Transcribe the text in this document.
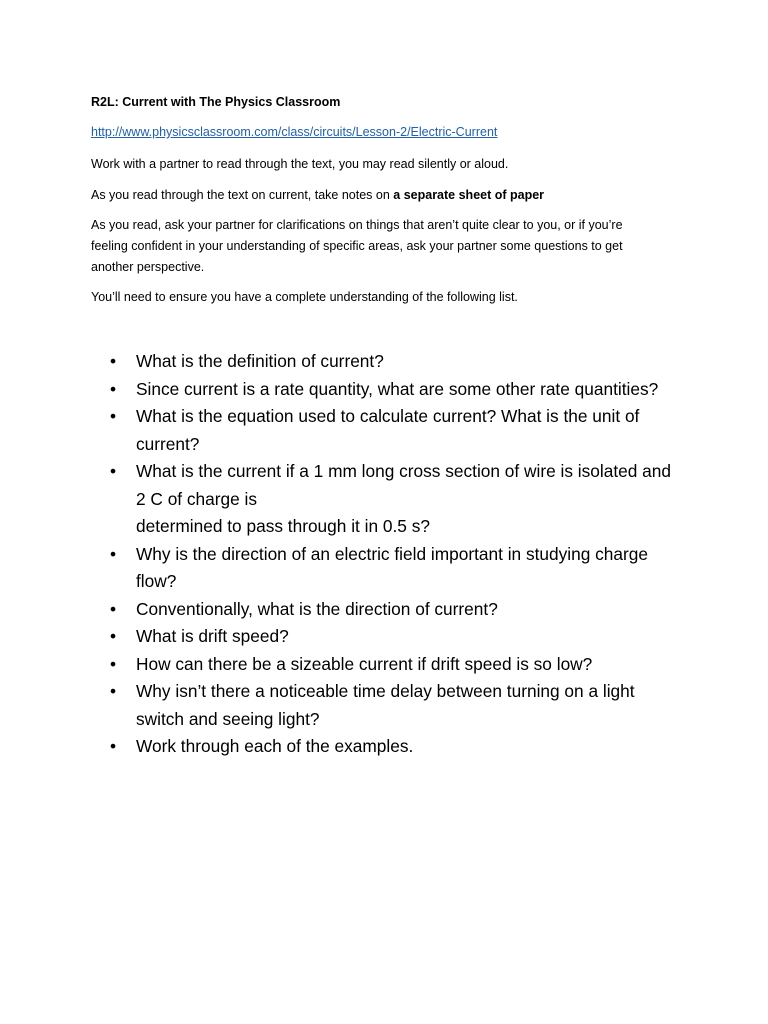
R2L: Current with The Physics Classroom
http://www.physicsclassroom.com/class/circuits/Lesson-2/Electric-Current
Work with a partner to read through the text, you may read silently or aloud.
As you read through the text on current, take notes on a separate sheet of paper
As you read, ask your partner for clarifications on things that aren’t quite clear to you, or if you’re feeling confident in your understanding of specific areas, ask your partner some questions to get another perspective.
You’ll need to ensure you have a complete understanding of the following list.
• What is the definition of current?
• Since current is a rate quantity, what are some other rate quantities?
• What is the equation used to calculate current? What is the unit of current?
• What is the current if a 1 mm long cross section of wire is isolated and 2 C of charge is
determined to pass through it in 0.5 s?
• Why is the direction of an electric field important in studying charge flow?
• Conventionally, what is the direction of current?
• What is drift speed?
• How can there be a sizeable current if drift speed is so low?
• Why isn’t there a noticeable time delay between turning on a light switch and seeing light?
• Work through each of the examples.
